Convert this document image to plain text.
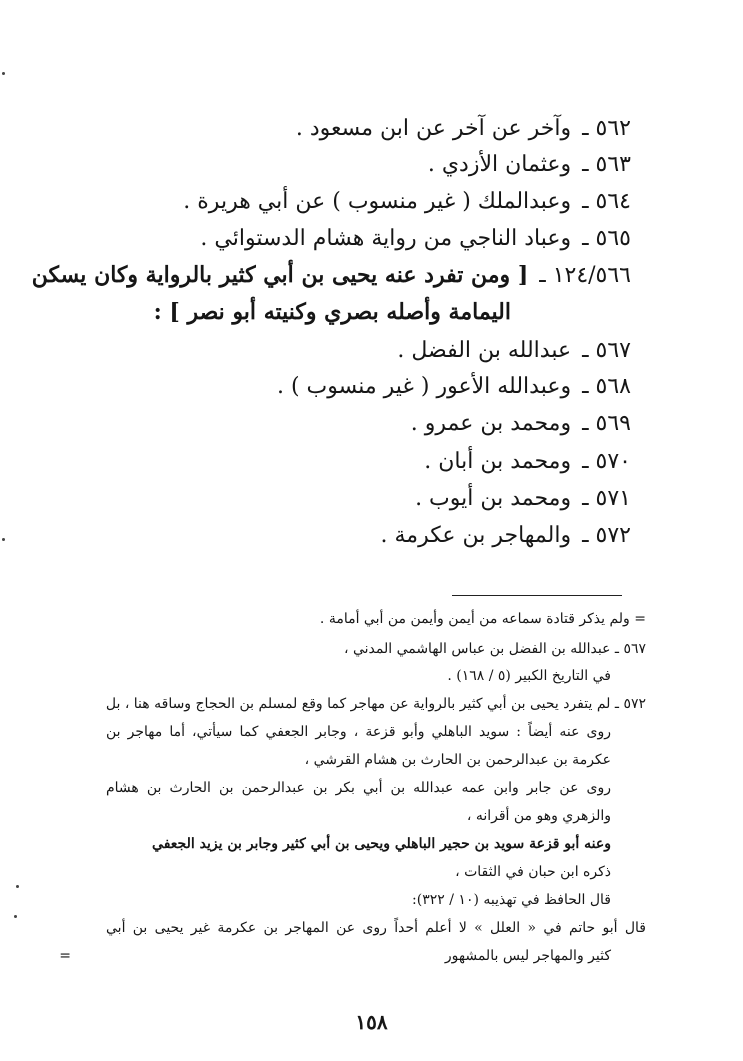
٥٦٢ ـ وآخر عن آخر عن ابن مسعود .
٥٦٣ ـ وعثمان الأزدي .
٥٦٤ ـ وعبدالملك ( غير منسوب ) عن أبي هريرة .
٥٦٥ ـ وعباد الناجي من رواية هشام الدستوائي .
١٢٤/٥٦٦ ـ [ ومن تفرد عنه يحيى بن أبي كثير بالرواية وكان يسكن
اليمامة وأصله بصري وكنيته أبو نصر ] :
٥٦٧ ـ عبدالله بن الفضل .
٥٦٨ ـ وعبدالله الأعور ( غير منسوب ) .
٥٦٩ ـ ومحمد بن عمرو .
٥٧٠ ـ ومحمد بن أبان .
٥٧١ ـ ومحمد بن أيوب .
٥٧٢ ـ والمهاجر بن عكرمة .
= ولم يذكر قتادة سماعه من أيمن وأيمن من أبي أمامة .
٥٦٧ ـ عبدالله بن الفضل بن عباس الهاشمي المدني ،
في التاريخ الكبير (٥ / ١٦٨) .
٥٧٢ ـ لم يتفرد يحيى بن أبي كثير بالرواية عن مهاجر كما وقع لمسلم بن الحجاج وساقه هنا ، بل
روى عنه أيضاً : سويد الباهلي وأبو قزعة ، وجابر الجعفي كما سيأتي، أما مهاجر بن
عكرمة بن عبدالرحمن بن الحارث بن هشام القرشي ،
روى عن جابر وابن عمه عبدالله بن أبي بكر بن عبدالرحمن بن الحارث بن هشام
والزهري وهو من أقرانه ،
وعنه أبو قزعة سويد بن حجير الباهلي ويحيى بن أبي كثير وجابر بن يزيد الجعفي
ذكره ابن حبان في الثقات ،
قال الحافظ في تهذيبه (١٠ / ٣٢٢):
قال أبو حاتم في « العلل » لا أعلم أحداً روى عن المهاجر بن عكرمة غير يحيى بن أبي
كثير والمهاجر ليس بالمشهور
=
١٥٨
